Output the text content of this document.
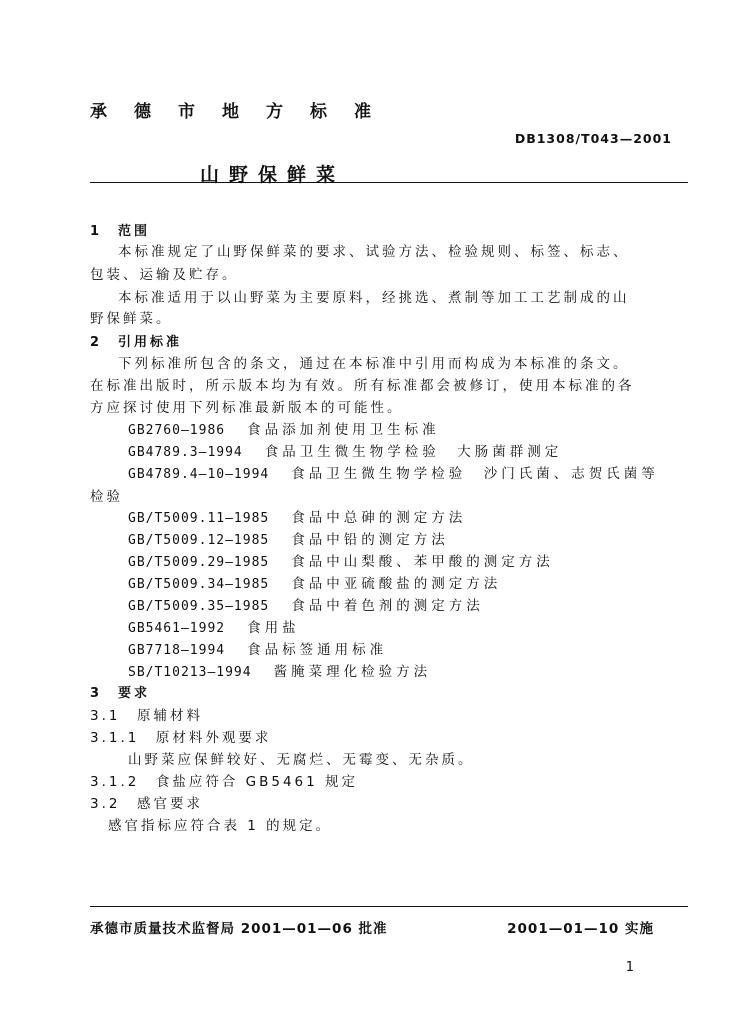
承德市地方标准
DB1308/T043—2001
山野保鲜菜
1　范围
本标准规定了山野保鲜菜的要求、试验方法、检验规则、标签、标志、
包装、运输及贮存。
本标准适用于以山野菜为主要原料，经挑选、煮制等加工工艺制成的山
野保鲜菜。
2　引用标准
下列标准所包含的条文，通过在本标准中引用而构成为本标准的条文。
在标准出版时，所示版本均为有效。所有标准都会被修订，使用本标准的各
方应探讨使用下列标准最新版本的可能性。
GB2760—1986 食品添加剂使用卫生标准
GB4789.3—1994 食品卫生微生物学检验　大肠菌群测定
GB4789.4—10—1994 食品卫生微生物学检验　沙门氏菌、志贺氏菌等
检验
GB/T5009.11—1985 食品中总砷的测定方法
GB/T5009.12—1985 食品中铅的测定方法
GB/T5009.29—1985 食品中山梨酸、苯甲酸的测定方法
GB/T5009.34—1985 食品中亚硫酸盐的测定方法
GB/T5009.35—1985 食品中着色剂的测定方法
GB5461—1992 食用盐
GB7718—1994 食品标签通用标准
SB/T10213—1994 酱腌菜理化检验方法
3　要求
3.1　原辅材料
3.1.1　原材料外观要求
山野菜应保鲜较好、无腐烂、无霉变、无杂质。
3.1.2　食盐应符合 GB5461 规定
3.2　感官要求
感官指标应符合表 1 的规定。
承德市质量技术监督局 2001—01—06 批准	2001—01—10 实施
1
